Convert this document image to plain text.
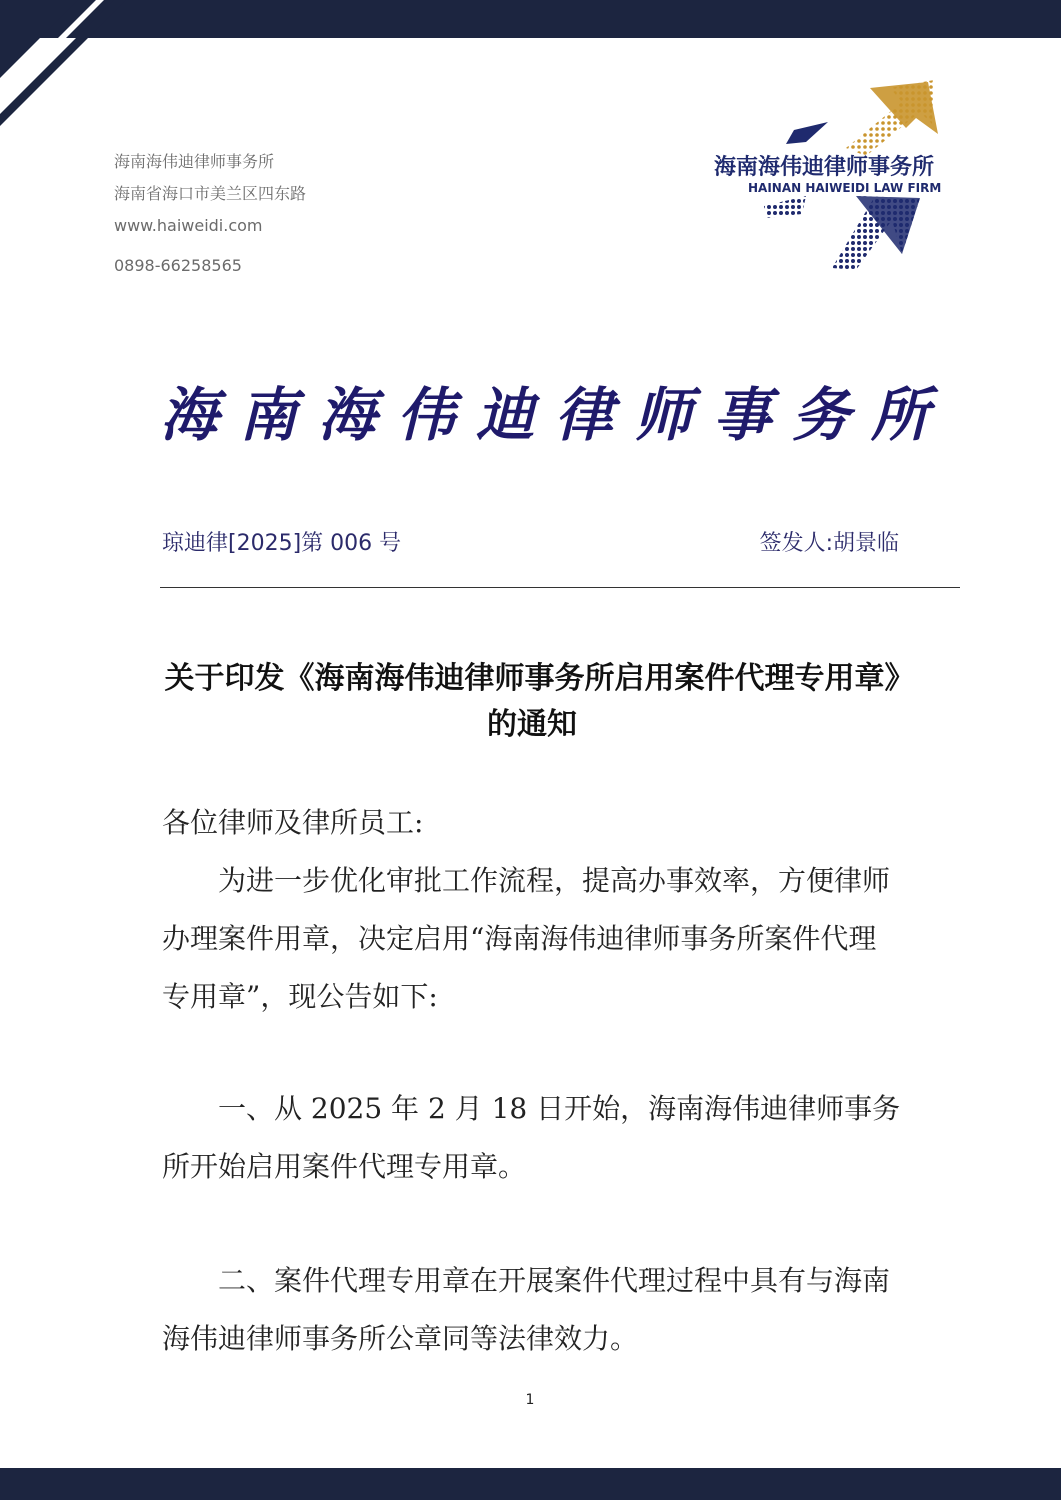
海南海伟迪律师事务所
海南省海口市美兰区四东路
www.haiweidi.com
0898-66258565
海南海伟迪律师事务所
HAINAN HAIWEIDI LAW FIRM
海南海伟迪律师事务所
琼迪律[2025]第 006 号	签发人:胡景临
关于印发《海南海伟迪律师事务所启用案件代理专用章》的通知
各位律师及律所员工:
为进一步优化审批工作流程，提高办事效率，方便律师办理案件用章，决定启用“海南海伟迪律师事务所案件代理专用章”，现公告如下:
一、从 2025 年 2 月 18 日开始，海南海伟迪律师事务所开始启用案件代理专用章。
二、案件代理专用章在开展案件代理过程中具有与海南海伟迪律师事务所公章同等法律效力。
1
